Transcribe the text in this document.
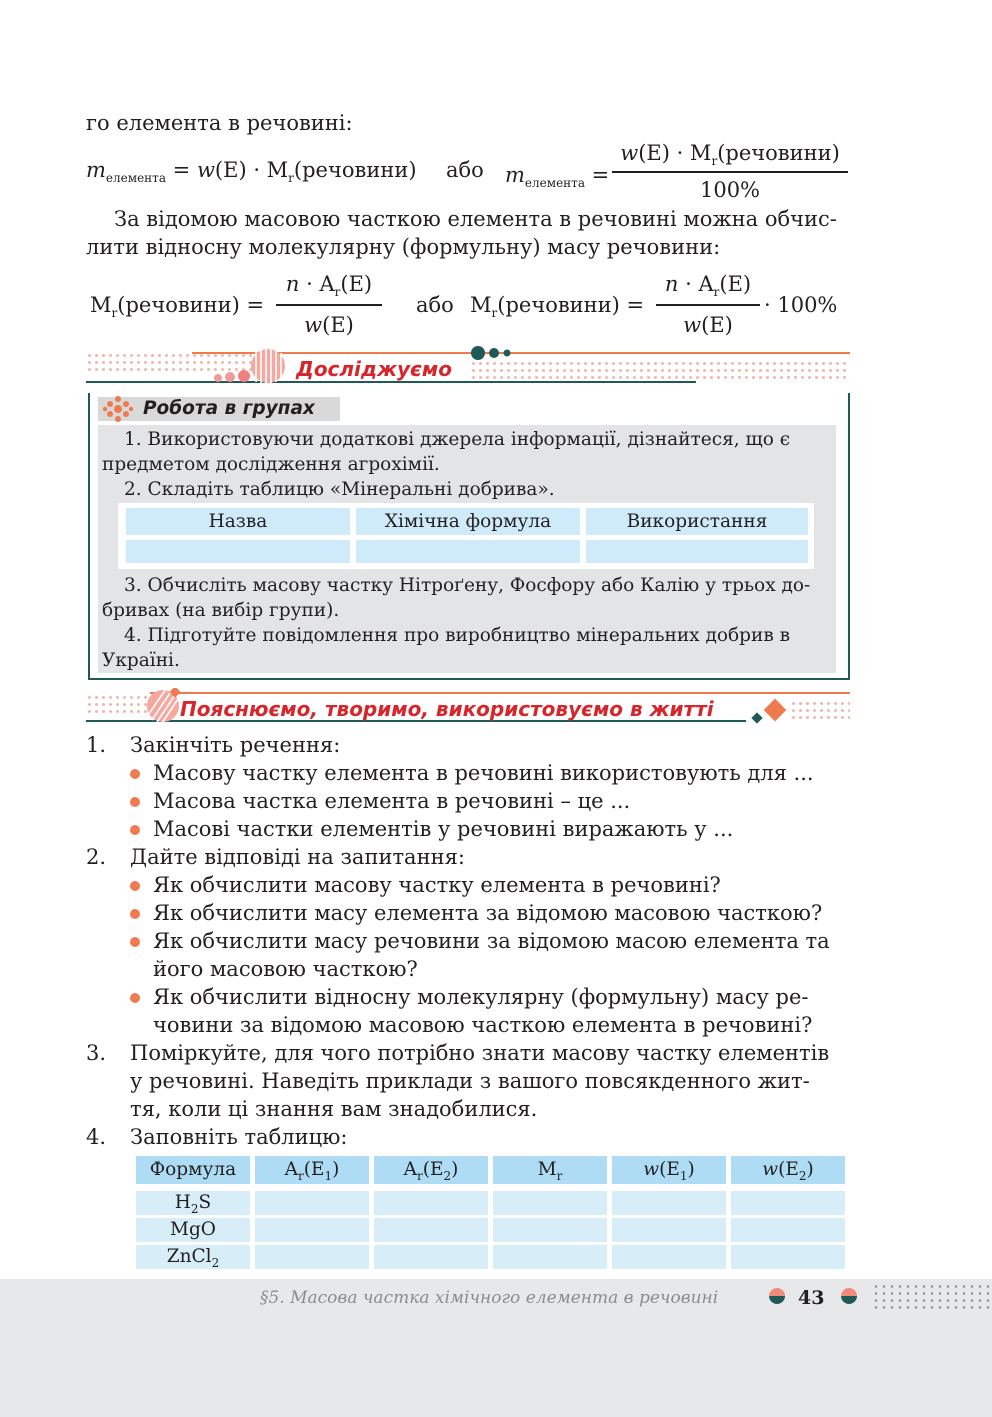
го елемента в речовині:
$m_{елемента} = w(E)$ · $M_r(речовини)$ або $m_{елемента}$ =
$w(E) \cdot M_r(речовини)$
100%
За відомою масовою часткою елемента в речовині можна обчис-
лити відносну молекулярну (формульну) масу речовини:
$M_r(речовини)$ =
$n \cdot A_r(E)$
w(E)
або $M_r(речовини)$ =
$n \cdot A_r(E)$
w(E)
· 100%
Досліджуємо
Робота в групах
1. Використовуючи додаткові джерела інформації, дізнайтеся, що є
предметом дослідження агрохімії.
2. Складіть таблицю «Мінеральні добрива».
Назва	Хімічна формула	Використання
3. Обчисліть масову частку Нітроґену, Фосфору або Калію у трьох до-
бривах (на вибір групи).
4. Підготуйте повідомлення про виробництво мінеральних добрив в
Україні.
Пояснюємо, творимо, використовуємо в житті
1. Закінчіть речення:
Масову частку елемента в речовині використовують для ...
Масова частка елемента в речовині – це ...
Масові частки елементів у речовині виражають у ...
2. Дайте відповіді на запитання:
Як обчислити масову частку елемента в речовині?
Як обчислити масу елемента за відомою масовою часткою?
Як обчислити масу речовини за відомою масою елемента та
його масовою часткою?
Як обчислити відносну молекулярну (формульну) масу ре-
човини за відомою масовою часткою елемента в речовині?
3. Поміркуйте, для чого потрібно знати масову частку елементів
у речовині. Наведіть приклади з вашого повсякденного жит-
тя, коли ці знання вам знадобилися.
4. Заповніть таблицю:
Формула	$A_r(E_1)$	$A_r(E_2)$	$M_r$	$w(E_1)$	$w(E_2)$
$H_2S$
MgO
ZnCl$_2$
§5. Масова частка хімічного елемента в речовині	43
